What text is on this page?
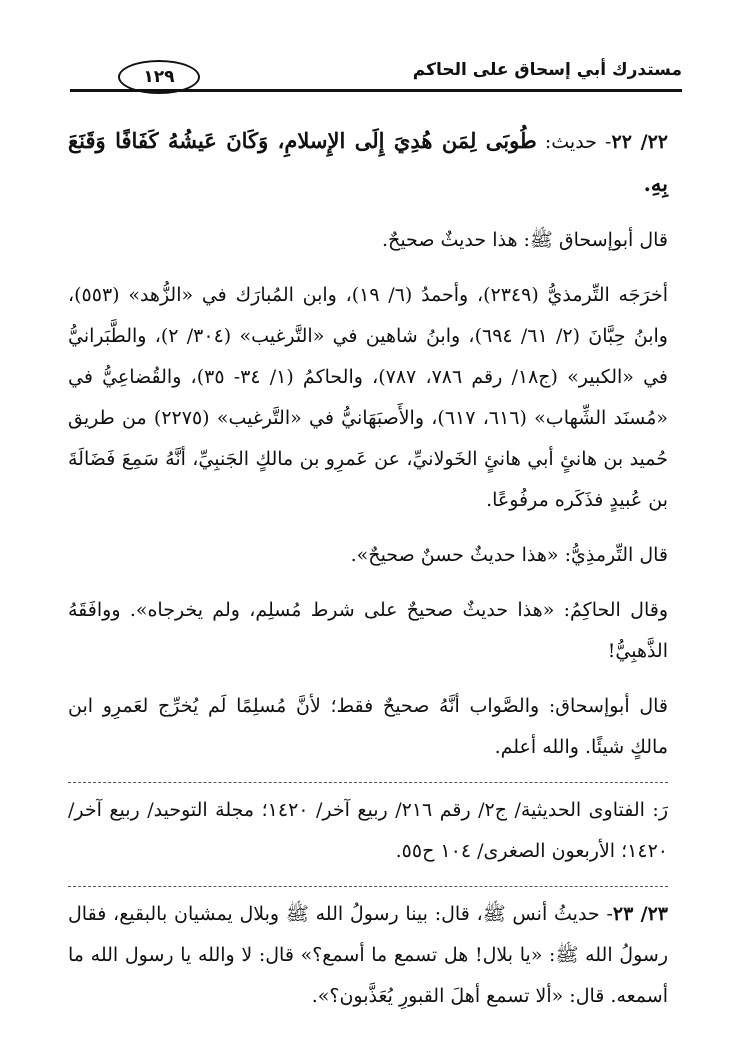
مستدرك أبي إسحاق على الحاكم
١٢٩

٢٢/ ٢٢- حديث: طُوبَى لِمَن هُدِيَ إِلَى الإِسلامِ، وَكَانَ عَيشُهُ كَفَافًا وَقَنَعَ بِهِ.

قال أبوإسحاق ﷺ: هذا حديثٌ صحيحٌ.

أخرَجَه التِّرمذيُّ (٢٣٤٩)، وأحمدُ (٦/ ١٩)، وابن المُبارَك في «الزُّهد» (٥٥٣)، وابنُ حِبَّانَ (٢/ ٦١/ ٦٩٤)، وابنُ شاهين في «التَّرغيب» (٣٠٤/ ٢)، والطَّبَرانيُّ في «الكبير» (ج١٨/ رقم ٧٨٦، ٧٨٧)، والحاكمُ (١/ ٣٤- ٣٥)، والقُضاعِيُّ في «مُسنَد الشِّهاب» (٦١٦، ٦١٧)، والأَصبَهَانيُّ في «التَّرغيب» (٢٢٧٥) من طريق حُميد بن هانئٍ أبي هانئٍ الخَولانيِّ، عن عَمرِو بن مالكٍ الجَنبِيِّ، أنَّهُ سَمِعَ فَضَالَةَ بن عُبيدٍ فذَكَره مرفُوعًا.

قال التِّرمذِيُّ: «هذا حديثٌ حسنٌ صحيحٌ».

وقال الحاكِمُ: «هذا حديثٌ صحيحٌ على شرط مُسلِم، ولم يخرجاه». ووافَقَهُ الذَّهبِيُّ!

قال أبوإسحاق: والصَّواب أنَّهُ صحيحٌ فقط؛ لأنَّ مُسلِمًا لَم يُخرِّج لعَمرِو ابن مالكٍ شيئًا. والله أعلم.

رَ: الفتاوى الحديثية/ ج٢/ رقم ٢١٦/ ربيع آخر/ ١٤٢٠؛ مجلة التوحيد/ ربيع آخر/ ١٤٢٠؛ الأربعون الصغرى/ ١٠٤ ح٥٥.

٢٣/ ٢٣- حديثُ أنس ﷺ، قال: بينا رسولُ الله ﷺ وبلال يمشيان بالبقيع، فقال رسولُ الله ﷺ: «يا بلال! هل تسمع ما أسمع؟» قال: لا والله يا رسول الله ما أسمعه. قال: «ألا تسمع أهلَ القبورِ يُعَذَّبون؟».
